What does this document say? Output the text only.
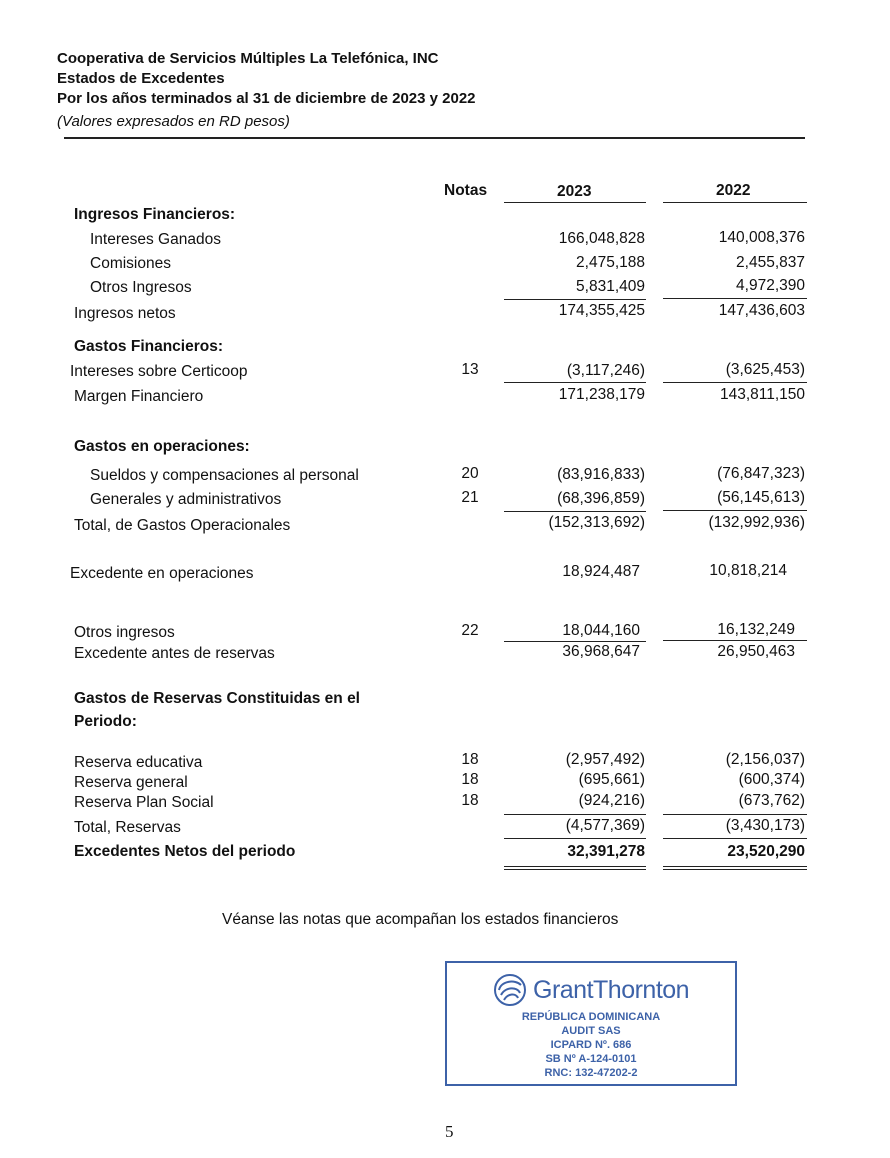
Cooperativa de Servicios Múltiples La Telefónica, INC
Estados de Excedentes
Por los años terminados al 31 de diciembre de 2023 y 2022
(Valores expresados en RD pesos)
Notas	2023	2022
Ingresos Financieros:
Intereses Ganados	166,048,828	140,008,376
Comisiones	2,475,188	2,455,837
Otros Ingresos	5,831,409	4,972,390
Ingresos netos	174,355,425	147,436,603
Gastos Financieros:
Intereses sobre Certicoop	13	(3,117,246)	(3,625,453)
Margen Financiero	171,238,179	143,811,150
Gastos en operaciones:
Sueldos y compensaciones al personal	20	(83,916,833)	(76,847,323)
Generales y administrativos	21	(68,396,859)	(56,145,613)
Total, de Gastos Operacionales	(152,313,692)	(132,992,936)
Excedente en operaciones	18,924,487	10,818,214
Otros ingresos	22	18,044,160	16,132,249
Excedente antes de reservas	36,968,647	26,950,463
Gastos de Reservas Constituidas en el
Periodo:
Reserva educativa	18	(2,957,492)	(2,156,037)
Reserva general	18	(695,661)	(600,374)
Reserva Plan Social	18	(924,216)	(673,762)
Total, Reservas	(4,577,369)	(3,430,173)
Excedentes Netos del periodo	32,391,278	23,520,290
Véanse las notas que acompañan los estados financieros
GrantThornton
REPÚBLICA DOMINICANA
AUDIT SAS
ICPARD Nº. 686
SB Nº A-124-0101
RNC: 132-47202-2
5
